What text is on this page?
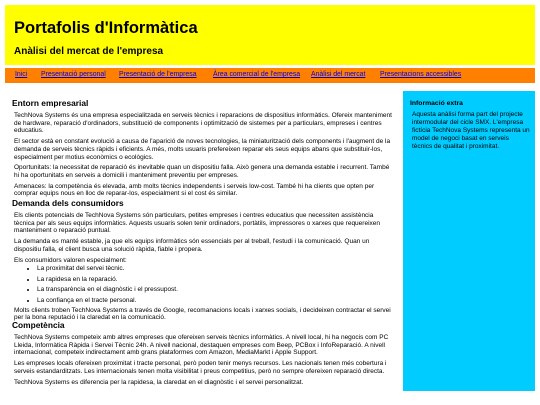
Portafolis d'Informàtica
Anàlisi del mercat de l'empresa
Inici Presentació personal Presentació de l'empresa Àrea comercial de l'empresa Anàlisi del mercat Presentacions accessibles
Entorn empresarial

TechNova Systems és una empresa especialitzada en serveis tècnics i reparacions de dispositius informàtics. Ofereix manteniment de hardware, reparació d'ordinadors, substitució de components i optimització de sistemes per a particulars, empreses i centres educatius.

El sector està en constant evolució a causa de l'aparició de noves tecnologies, la miniaturització dels components i l'augment de la demanda de serveis tècnics ràpids i eficients. A més, molts usuaris prefereixen reparar els seus equips abans que substituir-los, especialment per motius econòmics o ecològics.

Oportunitats: la necessitat de reparació és inevitable quan un dispositiu falla. Això genera una demanda estable i recurrent. També hi ha oportunitats en serveis a domicili i manteniment preventiu per empreses.

Amenaces: la competència és elevada, amb molts tècnics independents i serveis low-cost. També hi ha clients que opten per comprar equips nous en lloc de reparar-los, especialment si el cost és similar.

Demanda dels consumidors

Els clients potencials de TechNova Systems són particulars, petites empreses i centres educatius que necessiten assistència tècnica per als seus equips informàtics. Aquests usuaris solen tenir ordinadors, portàtils, impressores o xarxes que requereixen manteniment o reparació puntual.

La demanda es manté estable, ja que els equips informàtics són essencials per al treball, l'estudi i la comunicació. Quan un dispositiu falla, el client busca una solució ràpida, fiable i propera.

Els consumidors valoren especialment:

• La proximitat del servei tècnic.
• La rapidesa en la reparació.
• La transparència en el diagnòstic i el pressupost.
• La confiança en el tracte personal.

Molts clients troben TechNova Systems a través de Google, recomanacions locals i xarxes socials, i decideixen contractar el servei per la bona reputació i la claredat en la comunicació.

Competència

TechNova Systems competeix amb altres empreses que ofereixen serveis tècnics informàtics. A nivell local, hi ha negocis com PC Lleida, Informàtica Ràpida i Servei Tècnic 24h. A nivell nacional, destaquen empreses com Beep, PCBox i InfoReparació. A nivell internacional, competeix indirectament amb grans plataformes com Amazon, MediaMarkt i Apple Support.

Les empreses locals ofereixen proximitat i tracte personal, però poden tenir menys recursos. Les nacionals tenen més cobertura i serveis estandarditzats. Les internacionals tenen molta visibilitat i preus competitius, però no sempre ofereixen reparació directa.

TechNova Systems es diferencia per la rapidesa, la claredat en el diagnòstic i el servei personalitzat.

Informació extra

Aquesta anàlisi forma part del projecte intermodular del cicle SMX. L'empresa fictícia TechNova Systems representa un model de negoci basat en serveis tècnics de qualitat i proximitat.
